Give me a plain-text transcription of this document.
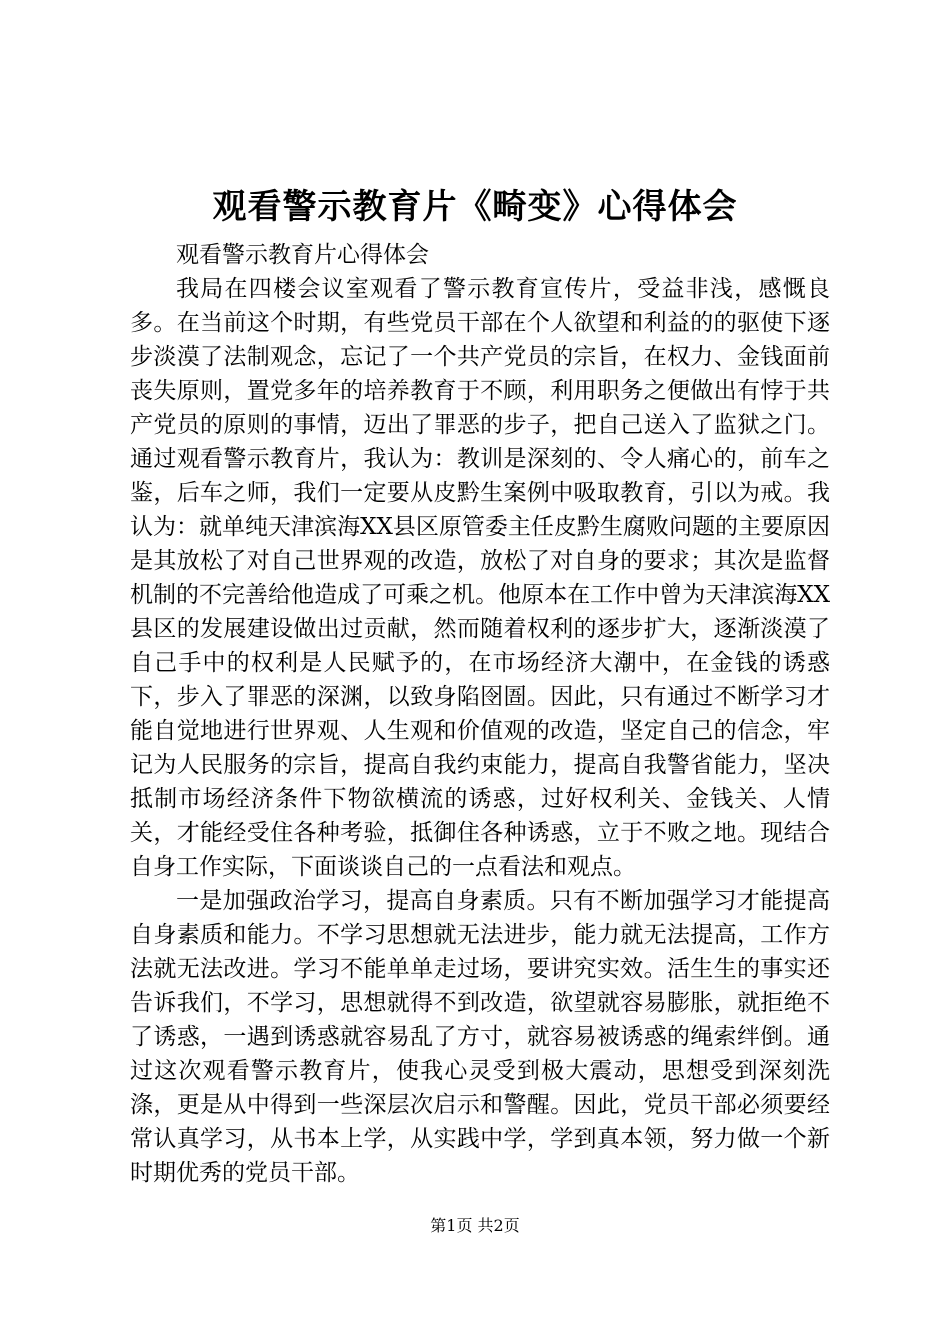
观看警示教育片《畸变》心得体会

观看警示教育片心得体会

我局在四楼会议室观看了警示教育宣传片，受益非浅，感慨良多。在当前这个时期，有些党员干部在个人欲望和利益的的驱使下逐步淡漠了法制观念，忘记了一个共产党员的宗旨，在权力、金钱面前丧失原则，置党多年的培养教育于不顾，利用职务之便做出有悖于共产党员的原则的事情，迈出了罪恶的步子，把自己送入了监狱之门。通过观看警示教育片，我认为：教训是深刻的、令人痛心的，前车之鉴，后车之师，我们一定要从皮黔生案例中吸取教育，引以为戒。我认为：就单纯天津滨海XX县区原管委主任皮黔生腐败问题的主要原因是其放松了对自己世界观的改造，放松了对自身的要求；其次是监督机制的不完善给他造成了可乘之机。他原本在工作中曾为天津滨海XX县区的发展建设做出过贡献，然而随着权利的逐步扩大，逐渐淡漠了自己手中的权利是人民赋予的，在市场经济大潮中，在金钱的诱惑下，步入了罪恶的深渊，以致身陷囹圄。因此，只有通过不断学习才能自觉地进行世界观、人生观和价值观的改造，坚定自己的信念，牢记为人民服务的宗旨，提高自我约束能力，提高自我警省能力，坚决抵制市场经济条件下物欲横流的诱惑，过好权利关、金钱关、人情关，才能经受住各种考验，抵御住各种诱惑，立于不败之地。现结合自身工作实际，下面谈谈自己的一点看法和观点。

一是加强政治学习，提高自身素质。只有不断加强学习才能提高自身素质和能力。不学习思想就无法进步，能力就无法提高，工作方法就无法改进。学习不能单单走过场，要讲究实效。活生生的事实还告诉我们，不学习，思想就得不到改造，欲望就容易膨胀，就拒绝不了诱惑，一遇到诱惑就容易乱了方寸，就容易被诱惑的绳索绊倒。通过这次观看警示教育片，使我心灵受到极大震动，思想受到深刻洗涤，更是从中得到一些深层次启示和警醒。因此，党员干部必须要经常认真学习，从书本上学，从实践中学，学到真本领，努力做一个新时期优秀的党员干部。

第1页 共2页
